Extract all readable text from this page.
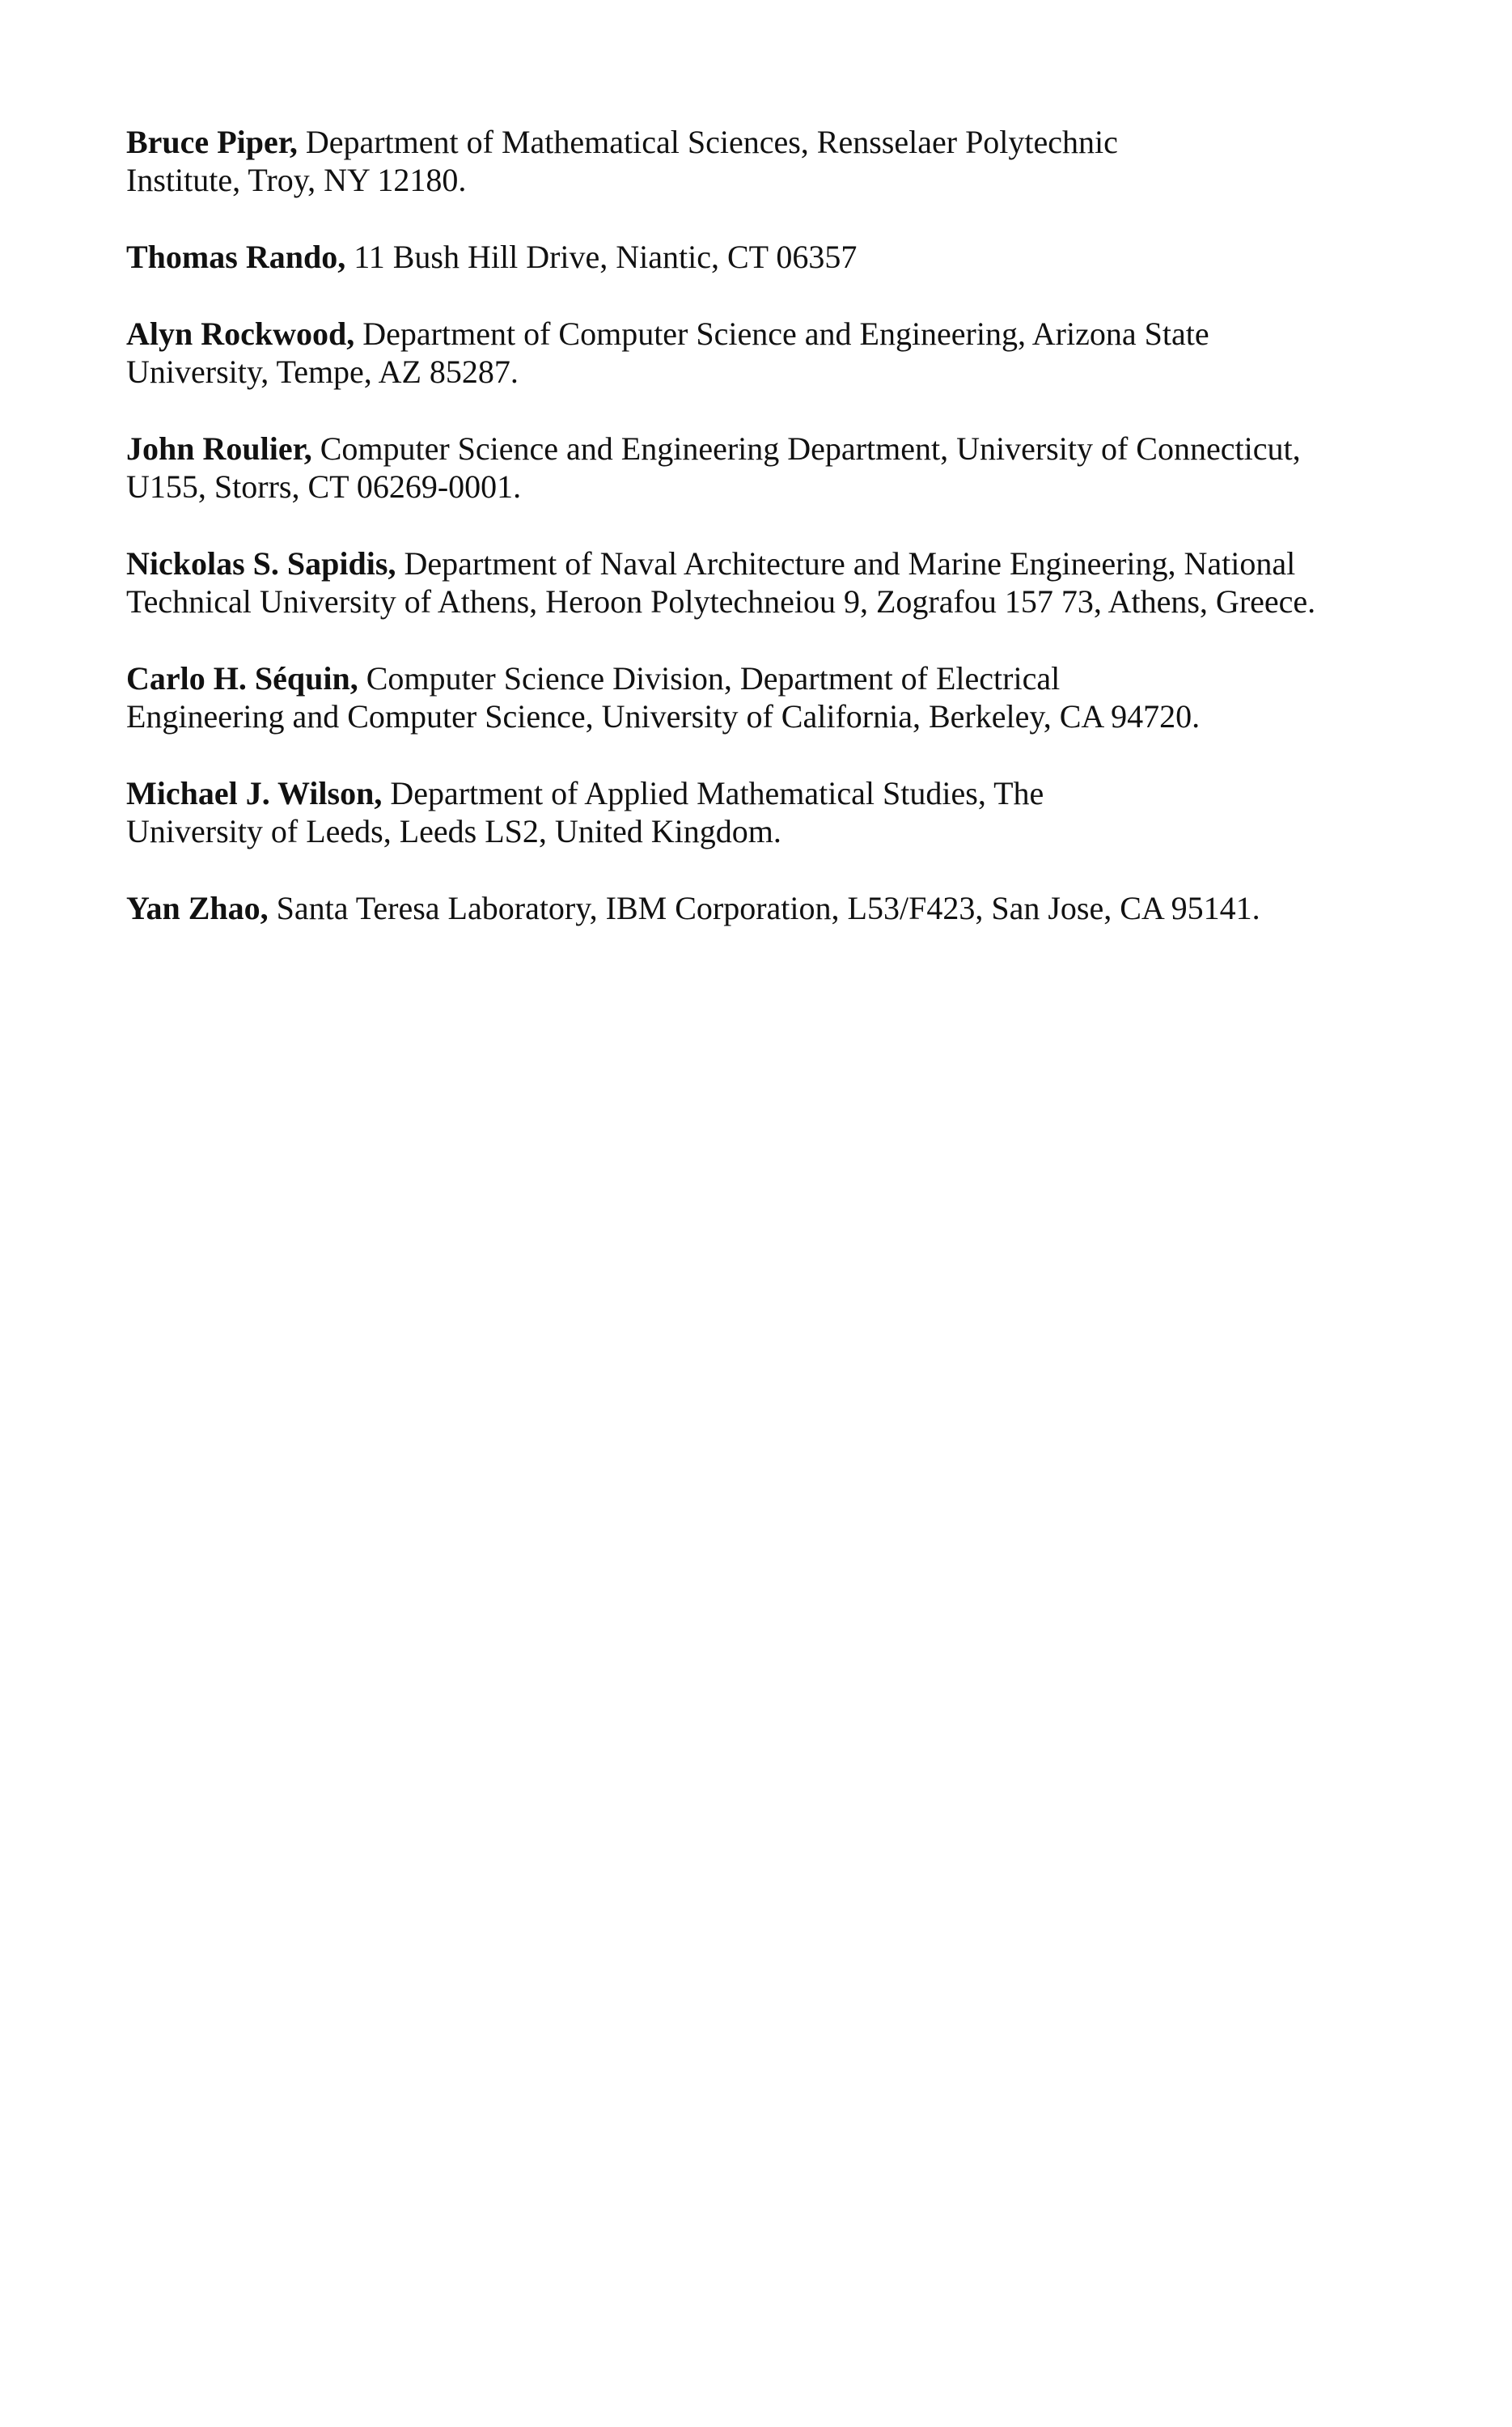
Bruce Piper, Department of Mathematical Sciences, Rensselaer Polytechnic
Institute, Troy, NY 12180.
Thomas Rando, 11 Bush Hill Drive, Niantic, CT 06357
Alyn Rockwood, Department of Computer Science and Engineering, Arizona State
University, Tempe, AZ 85287.
John Roulier, Computer Science and Engineering Department, University of Connecticut,
U155, Storrs, CT 06269-0001.
Nickolas S. Sapidis, Department of Naval Architecture and Marine Engineering, National
Technical University of Athens, Heroon Polytechneiou 9, Zografou 157 73, Athens, Greece.
Carlo H. Séquin, Computer Science Division, Department of Electrical
Engineering and Computer Science, University of California, Berkeley, CA 94720.
Michael J. Wilson, Department of Applied Mathematical Studies, The
University of Leeds, Leeds LS2, United Kingdom.
Yan Zhao, Santa Teresa Laboratory, IBM Corporation, L53/F423, San Jose, CA 95141.
